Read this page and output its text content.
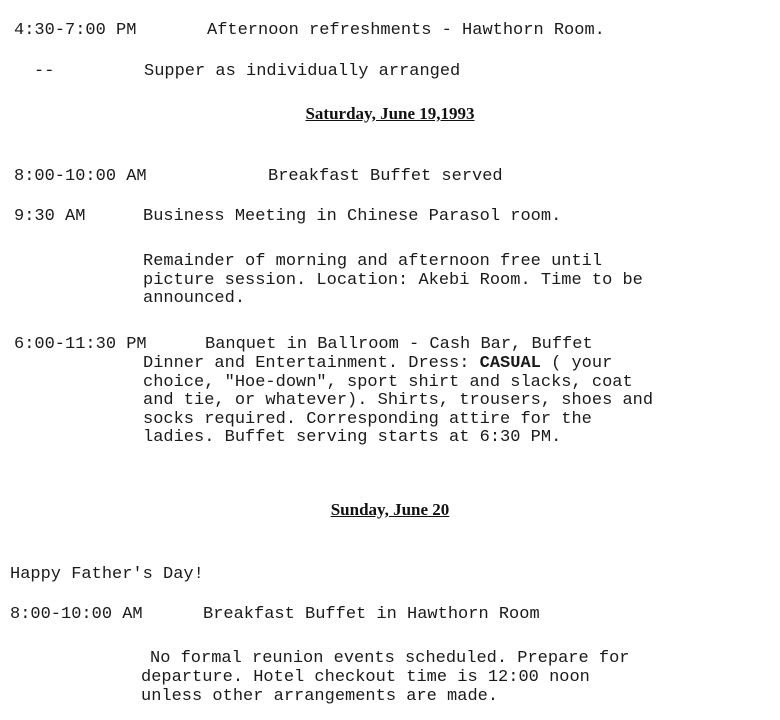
4:30-7:00 PM	Afternoon refreshments - Hawthorn Room.
--	Supper as individually arranged
Saturday, June 19,1993
8:00-10:00 AM	Breakfast Buffet served
9:30 AM	Business Meeting in Chinese Parasol room.
Remainder of morning and afternoon free until
picture session. Location: Akebi Room. Time to be
announced.
6:00-11:30 PM	Banquet in Ballroom - Cash Bar, Buffet
Dinner and Entertainment. Dress: CASUAL ( your
choice, "Hoe-down", sport shirt and slacks, coat
and tie, or whatever). Shirts, trousers, shoes and
socks required. Corresponding attire for the
ladies. Buffet serving starts at 6:30 PM.
Sunday, June 20
Happy Father's Day!
8:00-10:00 AM	Breakfast Buffet in Hawthorn Room
No formal reunion events scheduled. Prepare for
departure. Hotel checkout time is 12:00 noon
unless other arrangements are made.
